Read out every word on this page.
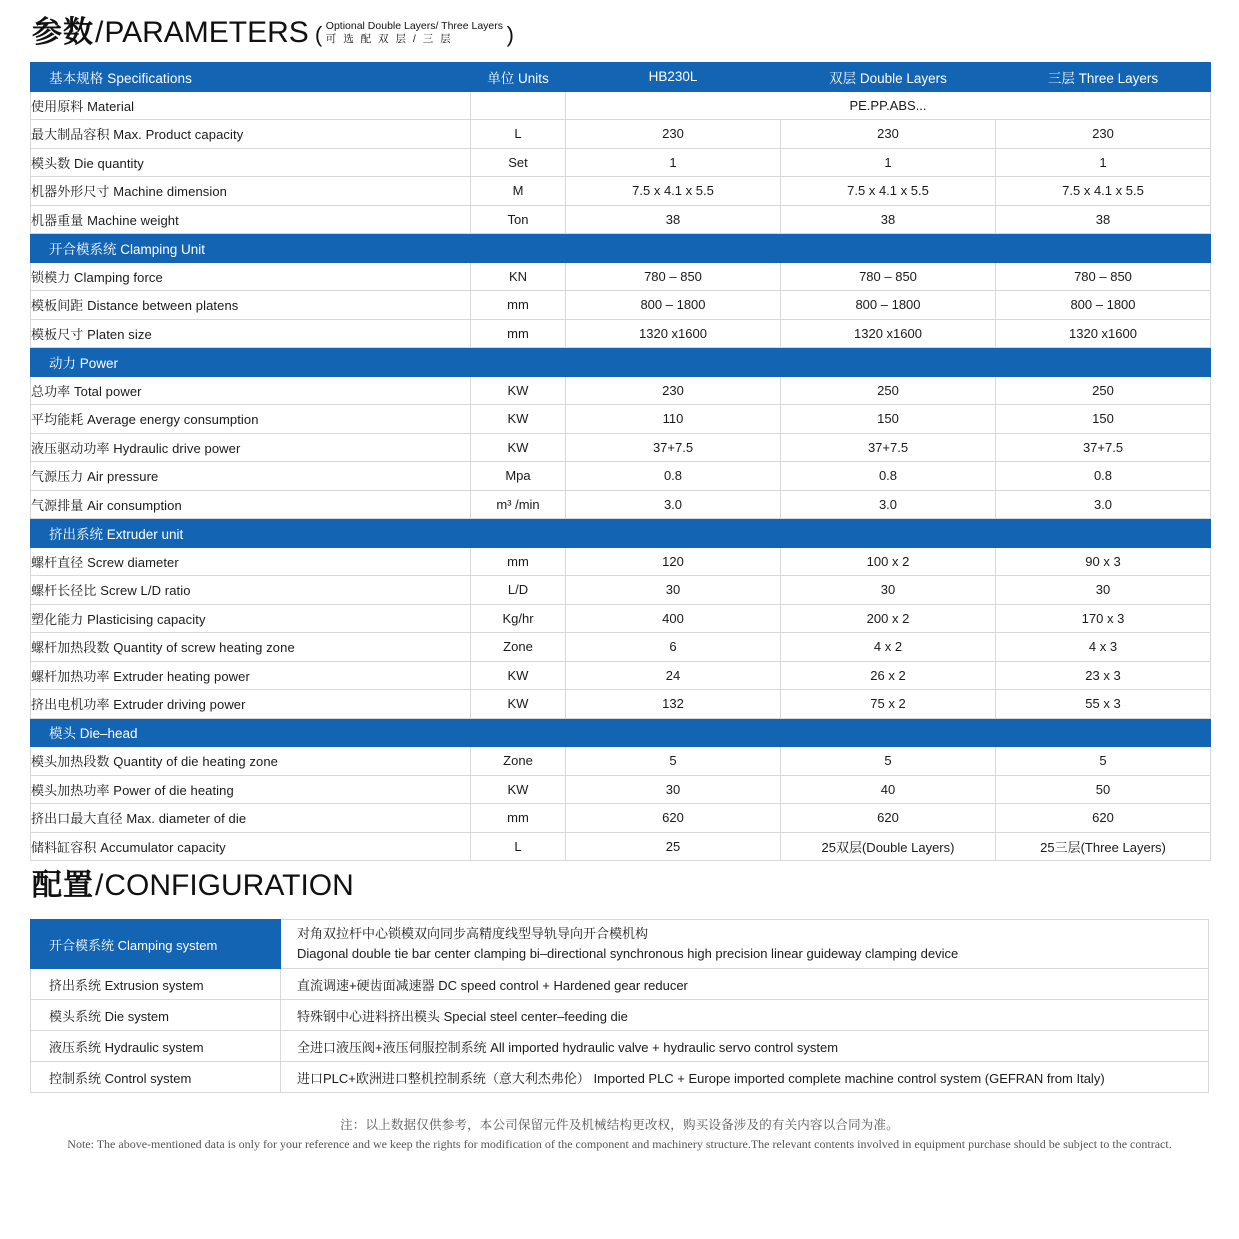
参数 / PARAMETERS ( Optional Double Layers/ Three Layers
可 选 配 双 层 / 三 层	)
基本规格 Specifications	单位 Units	HB230L	双层 Double Layers	三层 Three Layers
使用原料 Material		PE.PP.ABS...		
最大制品容积 Max. Product capacity	L	230	230	230
模头数 Die quantity	Set	1	1	1
机器外形尺寸 Machine dimension	M	7.5 x 4.1 x 5.5	7.5 x 4.1 x 5.5	7.5 x 4.1 x 5.5
机器重量 Machine weight	Ton	38	38	38
开合模系统 Clamping Unit				
锁模力 Clamping force	KN	780 – 850	780 – 850	780 – 850
模板间距 Distance between platens	mm	800 – 1800	800 – 1800	800 – 1800
模板尺寸 Platen size	mm	1320 x1600	1320 x1600	1320 x1600
动力 Power				
总功率 Total power	KW	230	250	250
平均能耗 Average energy consumption	KW	110	150	150
液压驱动功率 Hydraulic drive power	KW	37+7.5	37+7.5	37+7.5
气源压力 Air pressure	Mpa	0.8	0.8	0.8
气源排量 Air consumption	m³ /min	3.0	3.0	3.0
挤出系统 Extruder unit				
螺杆直径 Screw diameter	mm	120	100 x 2	90 x 3
螺杆长径比 Screw L/D ratio	L/D	30	30	30
塑化能力 Plasticising capacity	Kg/hr	400	200 x 2	170 x 3
螺杆加热段数 Quantity of screw heating zone	Zone	6	4 x 2	4 x 3
螺杆加热功率 Extruder heating power	KW	24	26 x 2	23 x 3
挤出电机功率 Extruder driving power	KW	132	75 x 2	55 x 3
模头 Die–head				
模头加热段数 Quantity of die heating zone	Zone	5	5	5
模头加热功率 Power of die heating	KW	30	40	50
挤出口最大直径 Max. diameter of die	mm	620	620	620
储料缸容积 Accumulator capacity	L	25	25双层(Double Layers)	25三层(Three Layers)
配置 / CONFIGURATION
开合模系统 Clamping system	对角双拉杆中心锁模双向同步高精度线型导轨导向开合模机构
Diagonal double tie bar center clamping bi–directional synchronous high precision linear guideway clamping device

挤出系统 Extrusion system	直流调速+硬齿面减速器 DC speed control + Hardened gear reducer
模头系统 Die system	特殊钢中心进料挤出模头 Special steel center–feeding die
液压系统 Hydraulic system	全进口液压阀+液压伺服控制系统 All imported hydraulic valve + hydraulic servo control system
控制系统 Control system	进口PLC+欧洲进口整机控制系统（意大利杰弗伦） Imported PLC + Europe imported complete machine control system (GEFRAN from Italy)
注：以上数据仅供参考，本公司保留元件及机械结构更改权，购买设备涉及的有关内容以合同为准。
Note: The above-mentioned data is only for your reference and we keep the rights for modification of the component and machinery structure.The relevant contents involved in equipment purchase should be subject to the contract.
